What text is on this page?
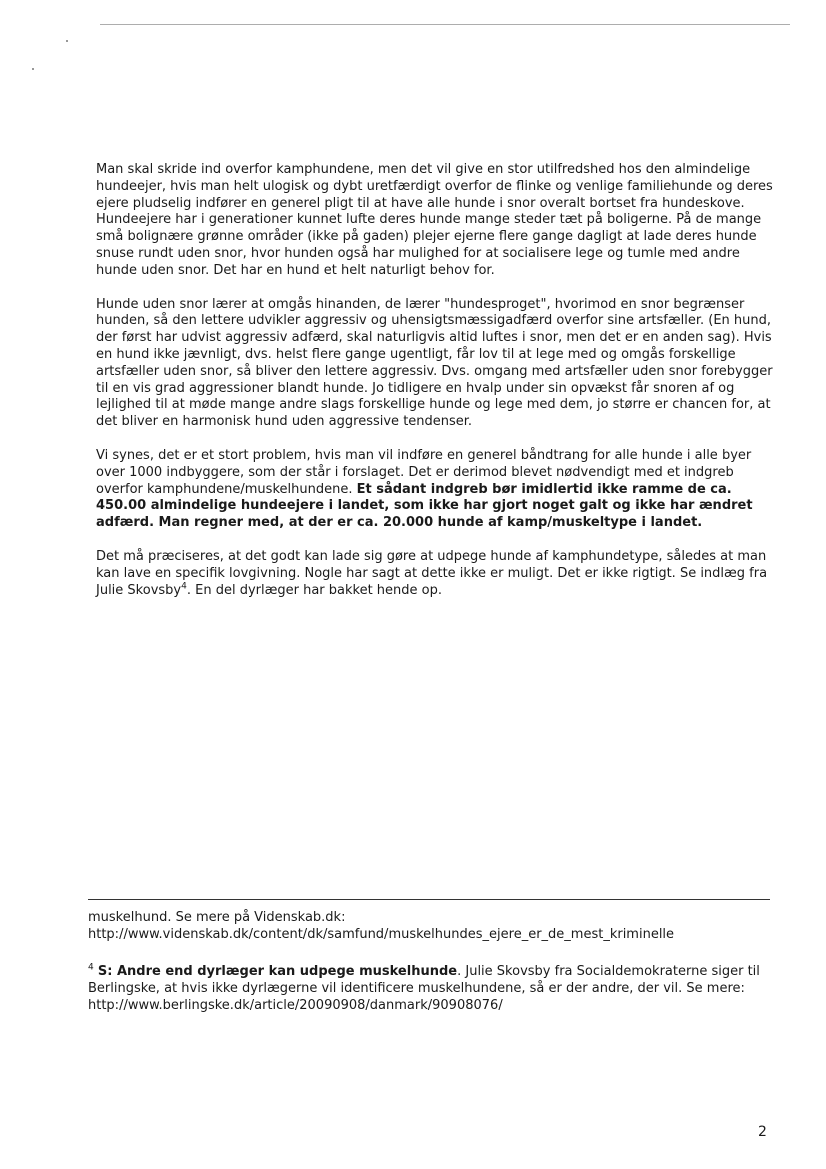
Man skal skride ind overfor kamphundene, men det vil give en stor utilfredshed hos den almindelige hundeejer, hvis man helt ulogisk og dybt uretfærdigt overfor de flinke og venlige familiehunde og deres ejere pludselig indfører en generel pligt til at have alle hunde i snor overalt bortset fra hundeskove. Hundeejere har i generationer kunnet lufte deres hunde mange steder tæt på boligerne. På de mange små bolignære grønne områder (ikke på gaden) plejer ejerne flere gange dagligt at lade deres hunde snuse rundt uden snor, hvor hunden også har mulighed for at socialisere lege og tumle med andre hunde uden snor. Det har en hund et helt naturligt behov for.

Hunde uden snor lærer at omgås hinanden, de lærer "hundesproget", hvorimod en snor begrænser hunden, så den lettere udvikler aggressiv og uhensigtsmæssigadfærd overfor sine artsfæller. (En hund, der først har udvist aggressiv adfærd, skal naturligvis altid luftes i snor, men det er en anden sag). Hvis en hund ikke jævnligt, dvs. helst flere gange ugentligt, får lov til at lege med og omgås forskellige artsfæller uden snor, så bliver den lettere aggressiv. Dvs. omgang med artsfæller uden snor forebygger til en vis grad aggressioner blandt hunde. Jo tidligere en hvalp under sin opvækst får snoren af og lejlighed til at møde mange andre slags forskellige hunde og lege med dem, jo større er chancen for, at det bliver en harmonisk hund uden aggressive tendenser.

Vi synes, det er et stort problem, hvis man vil indføre en generel båndtrang for alle hunde i alle byer over 1000 indbyggere, som der står i forslaget. Det er derimod blevet nødvendigt med et indgreb overfor kamphundene/muskelhundene. Et sådant indgreb bør imidlertid ikke ramme de ca. 450.00 almindelige hundeejere i landet, som ikke har gjort noget galt og ikke har ændret adfærd. Man regner med, at der er ca. 20.000 hunde af kamp/muskeltype i landet.

Det må præciseres, at det godt kan lade sig gøre at udpege hunde af kamphundetype, således at man kan lave en specifik lovgivning. Nogle har sagt at dette ikke er muligt. Det er ikke rigtigt. Se indlæg fra Julie Skovsby$^4$. En del dyrlæger har bakket hende op.

muskelhund. Se mere på Videnskab.dk:

http://www.videnskab.dk/content/dk/samfund/muskelhundes_ejere_er_de_mest_kriminelle

$^4$ S: Andre end dyrlæger kan udpege muskelhunde. Julie Skovsby fra Socialdemokraterne siger til Berlingske, at hvis ikke dyrlægerne vil identificere muskelhundene, så er der andre, der vil. Se mere: http://www.berlingske.dk/article/20090908/danmark/90908076/

2
